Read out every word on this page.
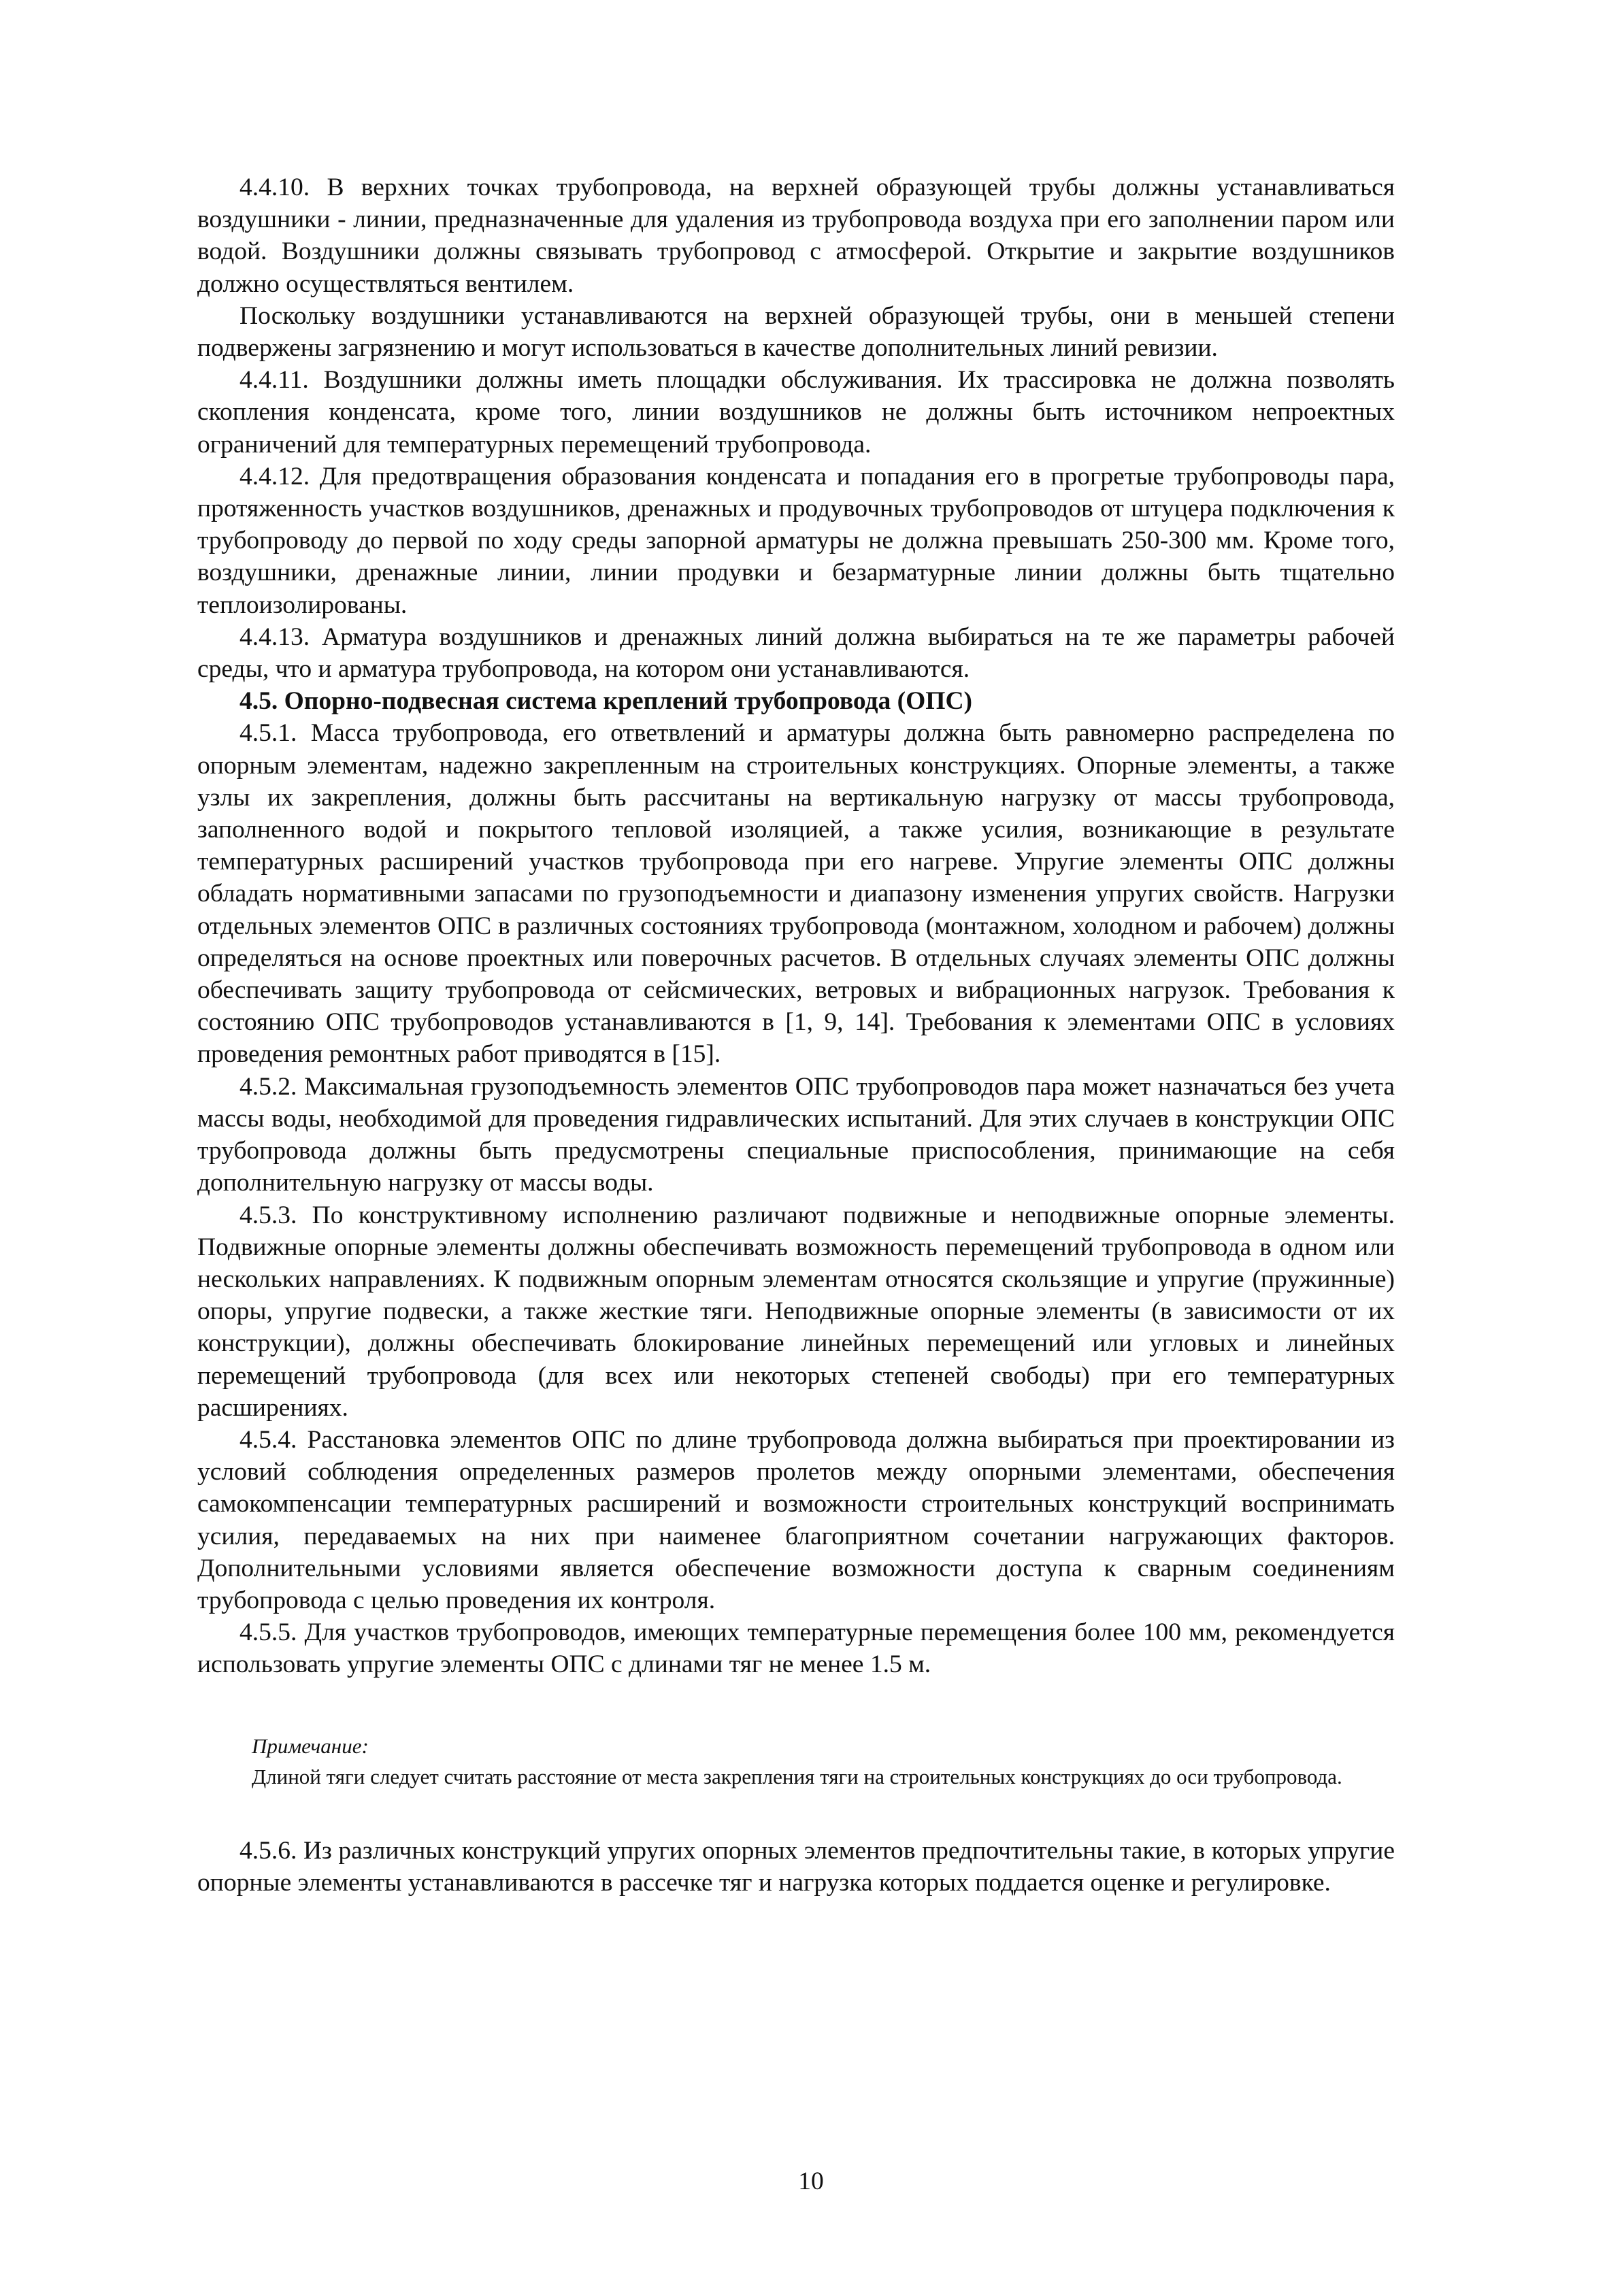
4.4.10. В верхних точках трубопровода, на верхней образующей трубы должны устанавливаться воздушники - линии, предназначенные для удаления из трубопровода воздуха при его заполнении паром или водой. Воздушники должны связывать трубопровод с атмосферой. Открытие и закрытие воздушников должно осуществляться вентилем.

Поскольку воздушники устанавливаются на верхней образующей трубы, они в меньшей степени подвержены загрязнению и могут использоваться в качестве дополнительных линий ревизии.

4.4.11. Воздушники должны иметь площадки обслуживания. Их трассировка не должна позволять скопления конденсата, кроме того, линии воздушников не должны быть источником непроектных ограничений для температурных перемещений трубопровода.

4.4.12. Для предотвращения образования конденсата и попадания его в прогретые трубопроводы пара, протяженность участков воздушников, дренажных и продувочных трубопроводов от штуцера подключения к трубопроводу до первой по ходу среды запорной арматуры не должна превышать 250-300 мм. Кроме того, воздушники, дренажные линии, линии продувки и безарматурные линии должны быть тщательно теплоизолированы.

4.4.13. Арматура воздушников и дренажных линий должна выбираться на те же параметры рабочей среды, что и арматура трубопровода, на котором они устанавливаются.

4.5. Опорно-подвесная система креплений трубопровода (ОПС)

4.5.1. Масса трубопровода, его ответвлений и арматуры должна быть равномерно распределена по опорным элементам, надежно закрепленным на строительных конструкциях. Опорные элементы, а также узлы их закрепления, должны быть рассчитаны на вертикальную нагрузку от массы трубопровода, заполненного водой и покрытого тепловой изоляцией, а также усилия, возникающие в результате температурных расширений участков трубопровода при его нагреве. Упругие элементы ОПС должны обладать нормативными запасами по грузоподъемности и диапазону изменения упругих свойств. Нагрузки отдельных элементов ОПС в различных состояниях трубопровода (монтажном, холодном и рабочем) должны определяться на основе проектных или поверочных расчетов. В отдельных случаях элементы ОПС должны обеспечивать защиту трубопровода от сейсмических, ветровых и вибрационных нагрузок. Требования к состоянию ОПС трубопроводов устанавливаются в [1, 9, 14]. Требования к элементами ОПС в условиях проведения ремонтных работ приводятся в [15].

4.5.2. Максимальная грузоподъемность элементов ОПС трубопроводов пара может назначаться без учета массы воды, необходимой для проведения гидравлических испытаний. Для этих случаев в конструкции ОПС трубопровода должны быть предусмотрены специальные приспособления, принимающие на себя дополнительную нагрузку от массы воды.

4.5.3. По конструктивному исполнению различают подвижные и неподвижные опорные элементы. Подвижные опорные элементы должны обеспечивать возможность перемещений трубопровода в одном или нескольких направлениях. К подвижным опорным элементам относятся скользящие и упругие (пружинные) опоры, упругие подвески, а также жесткие тяги. Неподвижные опорные элементы (в зависимости от их конструкции), должны обеспечивать блокирование линейных перемещений или угловых и линейных перемещений трубопровода (для всех или некоторых степеней свободы) при его температурных расширениях.

4.5.4. Расстановка элементов ОПС по длине трубопровода должна выбираться при проектировании из условий соблюдения определенных размеров пролетов между опорными элементами, обеспечения самокомпенсации температурных расширений и возможности строительных конструкций воспринимать усилия, передаваемых на них при наименее благоприятном сочетании нагружающих факторов. Дополнительными условиями является обеспечение возможности доступа к сварным соединениям трубопровода с целью проведения их контроля.

4.5.5. Для участков трубопроводов, имеющих температурные перемещения более 100 мм, рекомендуется использовать упругие элементы ОПС с длинами тяг не менее 1.5 м.

Примечание:

Длиной тяги следует считать расстояние от места закрепления тяги на строительных конструкциях до оси трубопровода.

4.5.6. Из различных конструкций упругих опорных элементов предпочтительны такие, в которых упругие опорные элементы устанавливаются в рассечке тяг и нагрузка которых поддается оценке и регулировке.

10
